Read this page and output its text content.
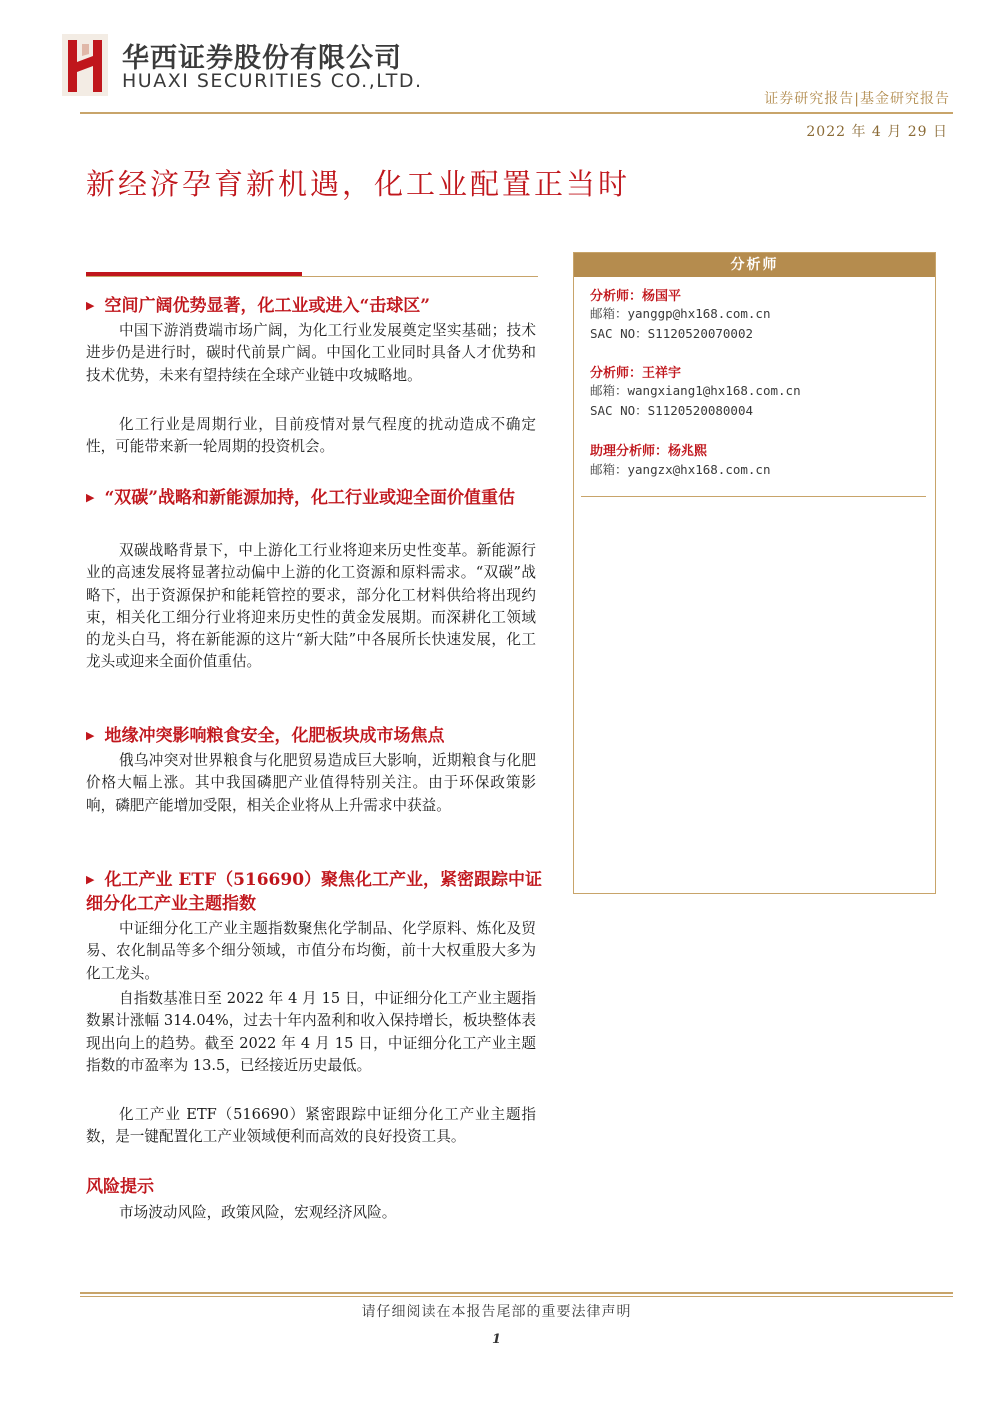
华西证券股份有限公司
HUAXI SECURITIES CO.,LTD.
证券研究报告|基金研究报告
2022 年 4 月 29 日
新经济孕育新机遇，化工业配置正当时
▶ 空间广阔优势显著，化工业或进入“击球区”

中国下游消费端市场广阔，为化工行业发展奠定坚实基础；技术进步仍是进行时，碳时代前景广阔。中国化工业同时具备人才优势和技术优势，未来有望持续在全球产业链中攻城略地。

化工行业是周期行业，目前疫情对景气程度的扰动造成不确定性，可能带来新一轮周期的投资机会。

▶ “双碳”战略和新能源加持，化工行业或迎全面价值重估

双碳战略背景下，中上游化工行业将迎来历史性变革。新能源行业的高速发展将显著拉动偏中上游的化工资源和原料需求。“双碳”战略下，出于资源保护和能耗管控的要求，部分化工材料供给将出现约束，相关化工细分行业将迎来历史性的黄金发展期。而深耕化工领域的龙头白马，将在新能源的这片“新大陆”中各展所长快速发展，化工龙头或迎来全面价值重估。

▶ 地缘冲突影响粮食安全，化肥板块成市场焦点

俄乌冲突对世界粮食与化肥贸易造成巨大影响，近期粮食与化肥价格大幅上涨。其中我国磷肥产业值得特别关注。由于环保政策影响，磷肥产能增加受限，相关企业将从上升需求中获益。

▶ 化工产业 ETF（516690）聚焦化工产业，紧密跟踪中证细分化工产业主题指数

中证细分化工产业主题指数聚焦化学制品、化学原料、炼化及贸易、农化制品等多个细分领域，市值分布均衡，前十大权重股大多为化工龙头。

自指数基准日至 2022 年 4 月 15 日，中证细分化工产业主题指数累计涨幅 314.04%，过去十年内盈利和收入保持增长，板块整体表现出向上的趋势。截至 2022 年 4 月 15 日，中证细分化工产业主题指数的市盈率为 13.5，已经接近历史最低。

化工产业 ETF（516690）紧密跟踪中证细分化工产业主题指数，是一键配置化工产业领域便利而高效的良好投资工具。

风险提示

市场波动风险，政策风险，宏观经济风险。

分析师
分析师：杨国平
邮箱：yanggp@hx168.com.cn
SAC NO：S1120520070002
分析师：王祥宇
邮箱：wangxiang1@hx168.com.cn
SAC NO：S1120520080004
助理分析师：杨兆熙
邮箱：yangzx@hx168.com.cn
请仔细阅读在本报告尾部的重要法律声明
1
